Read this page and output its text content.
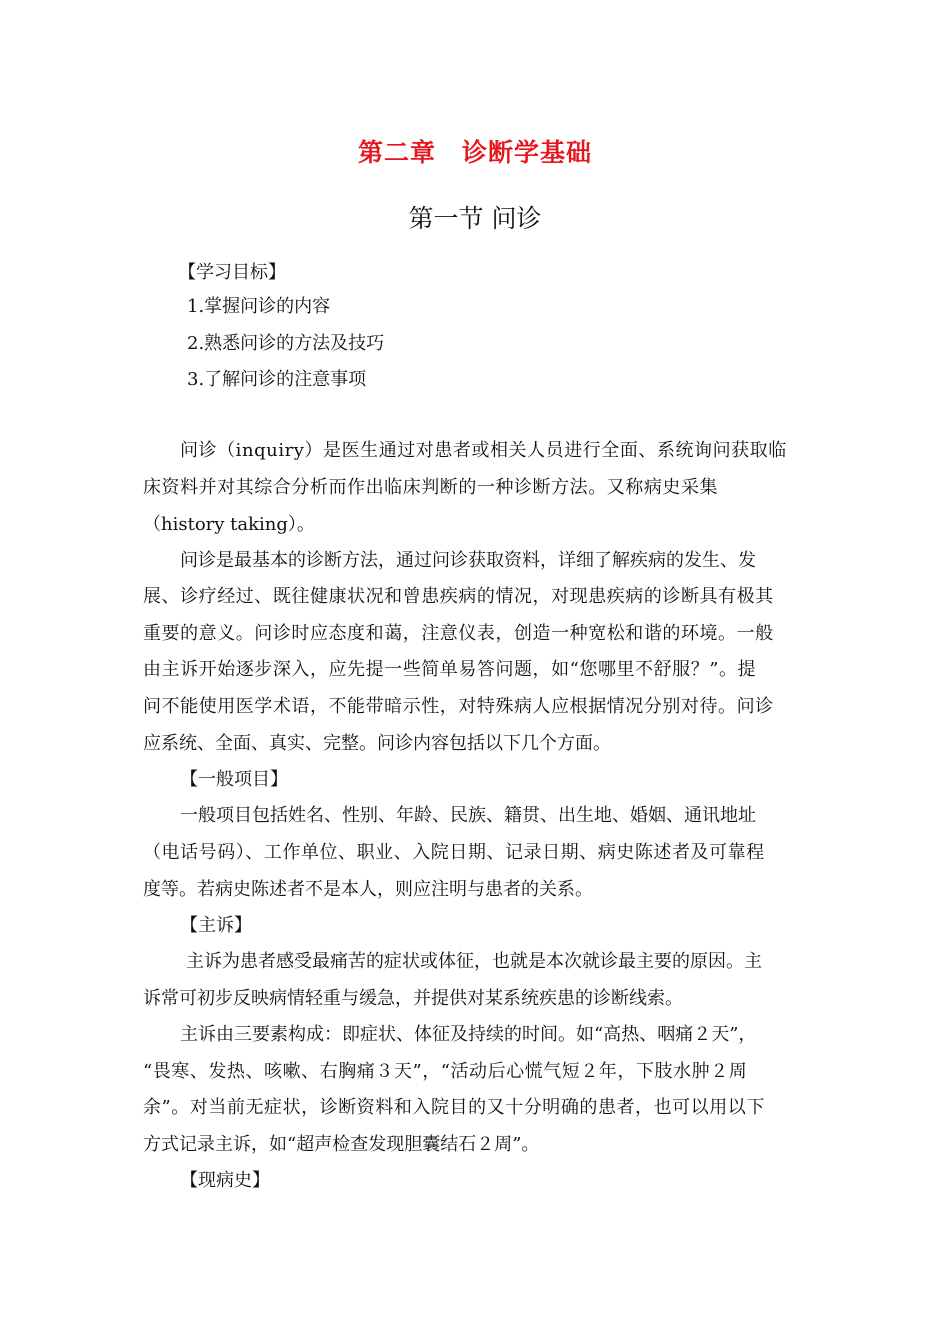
第二章 诊断学基础
第一节 问诊
【学习目标】
1.掌握问诊的内容
2.熟悉问诊的方法及技巧
3.了解问诊的注意事项
问诊（inquiry）是医生通过对患者或相关人员进行全面、系统询问获取临
床资料并对其综合分析而作出临床判断的一种诊断方法。又称病史采集
（history taking）。
问诊是最基本的诊断方法，通过问诊获取资料，详细了解疾病的发生、发
展、诊疗经过、既往健康状况和曾患疾病的情况，对现患疾病的诊断具有极其
重要的意义。问诊时应态度和蔼，注意仪表，创造一种宽松和谐的环境。一般
由主诉开始逐步深入，应先提一些简单易答问题，如“您哪里不舒服？”。提
问不能使用医学术语，不能带暗示性，对特殊病人应根据情况分别对待。问诊
应系统、全面、真实、完整。问诊内容包括以下几个方面。
【一般项目】
一般项目包括姓名、性别、年龄、民族、籍贯、出生地、婚姻、通讯地址
（电话号码）、工作单位、职业、入院日期、记录日期、病史陈述者及可靠程
度等。若病史陈述者不是本人，则应注明与患者的关系。
【主诉】
主诉为患者感受最痛苦的症状或体征，也就是本次就诊最主要的原因。主
诉常可初步反映病情轻重与缓急，并提供对某系统疾患的诊断线索。
主诉由三要素构成：即症状、体征及持续的时间。如“高热、咽痛２天”，
“畏寒、发热、咳嗽、右胸痛３天”，“活动后心慌气短２年，下肢水肿２周
余”。对当前无症状，诊断资料和入院目的又十分明确的患者，也可以用以下
方式记录主诉，如“超声检查发现胆囊结石２周”。
【现病史】
